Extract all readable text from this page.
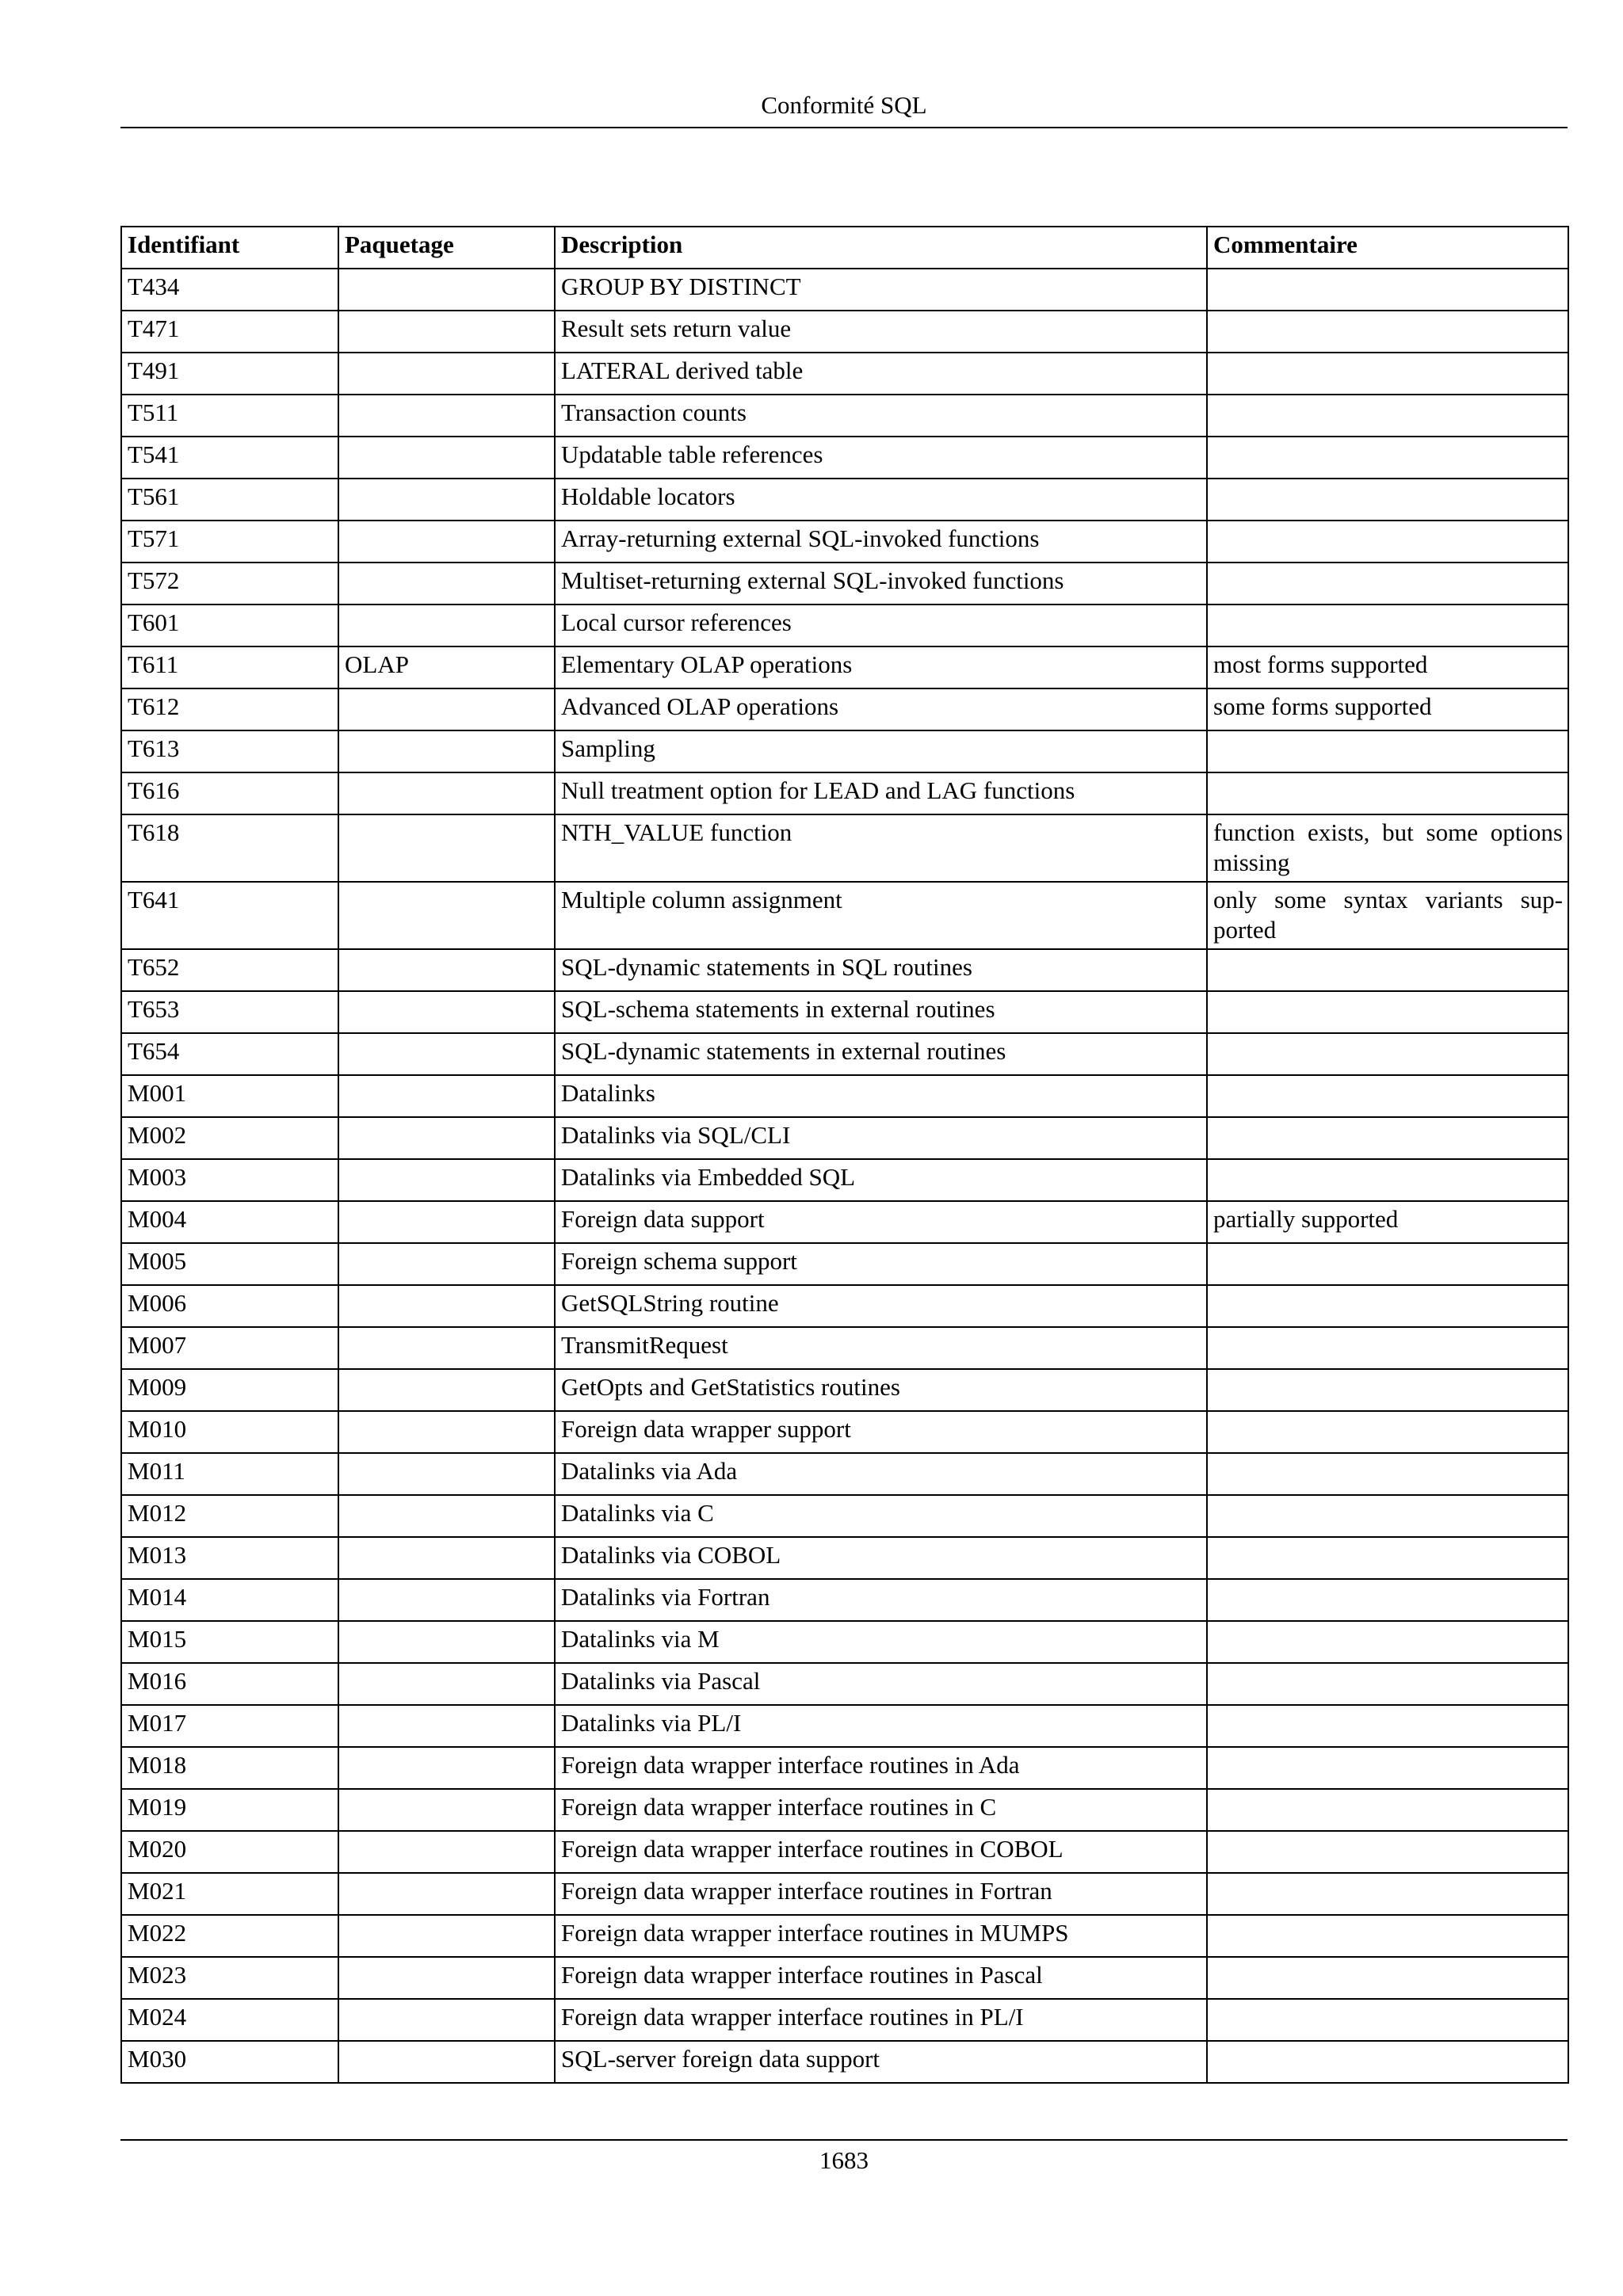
Conformité SQL
Identifiant	Paquetage	Description	Commentaire
T434		GROUP BY DISTINCT	
T471		Result sets return value	
T491		LATERAL derived table	
T511		Transaction counts	
T541		Updatable table references	
T561		Holdable locators	
T571		Array-returning external SQL-invoked functions	
T572		Multiset-returning external SQL-invoked functions	
T601		Local cursor references	
T611	OLAP	Elementary OLAP operations	most forms supported
T612		Advanced OLAP operations	some forms supported
T613		Sampling	
T616		Null treatment option for LEAD and LAG functions	
T618		NTH_VALUE function	function exists, but some options missing
T641		Multiple column assignment	only some syntax variants supported
T652		SQL-dynamic statements in SQL routines	
T653		SQL-schema statements in external routines	
T654		SQL-dynamic statements in external routines	
M001		Datalinks	
M002		Datalinks via SQL/CLI	
M003		Datalinks via Embedded SQL	
M004		Foreign data support	partially supported
M005		Foreign schema support	
M006		GetSQLString routine	
M007		TransmitRequest	
M009		GetOpts and GetStatistics routines	
M010		Foreign data wrapper support	
M011		Datalinks via Ada	
M012		Datalinks via C	
M013		Datalinks via COBOL	
M014		Datalinks via Fortran	
M015		Datalinks via M	
M016		Datalinks via Pascal	
M017		Datalinks via PL/I	
M018		Foreign data wrapper interface routines in Ada	
M019		Foreign data wrapper interface routines in C	
M020		Foreign data wrapper interface routines in COBOL	
M021		Foreign data wrapper interface routines in Fortran	
M022		Foreign data wrapper interface routines in MUMPS	
M023		Foreign data wrapper interface routines in Pascal	
M024		Foreign data wrapper interface routines in PL/I	
M030		SQL-server foreign data support	
1683
